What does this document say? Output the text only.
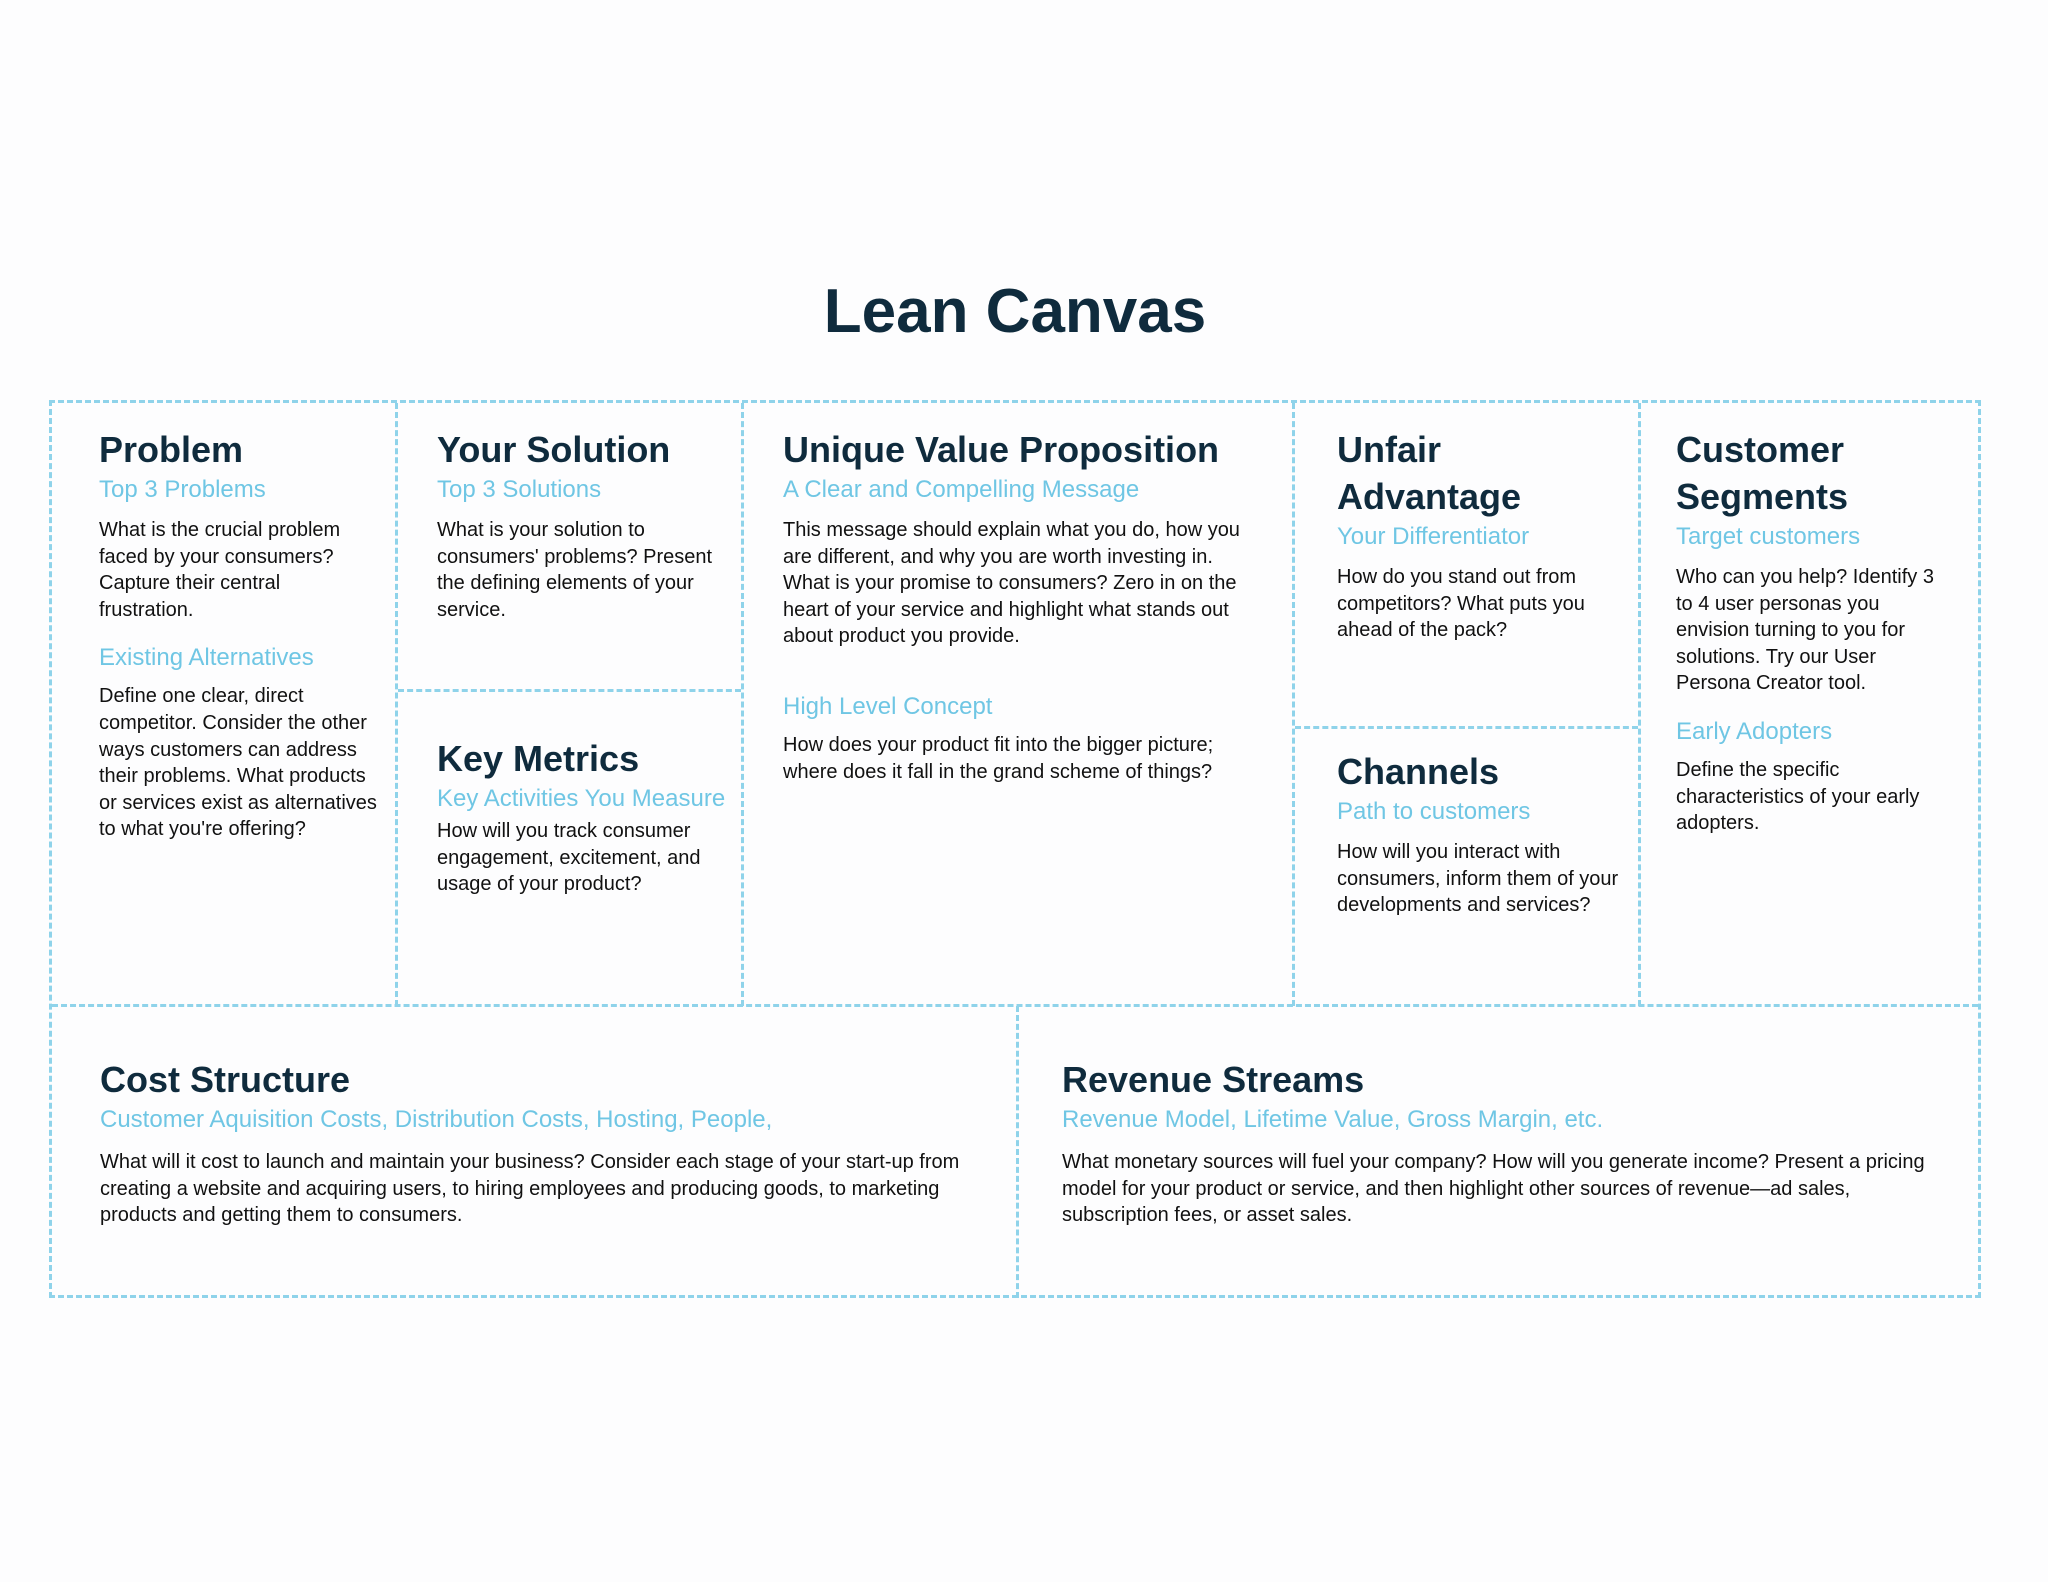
Lean Canvas
Problem

Top 3 Problems

What is the crucial problem faced by your consumers? Capture their central frustration.

Existing Alternatives

Define one clear, direct competitor. Consider the other ways customers can address their problems. What products or services exist as alternatives to what you're offering?

Your Solution

Top 3 Solutions

What is your solution to consumers' problems? Present the defining elements of your service.

Key Metrics

Key Activities You Measure

How will you track consumer engagement, excitement, and usage of your product?

Unique Value Proposition

A Clear and Compelling Message

This message should explain what you do, how you are different, and why you are worth investing in. What is your promise to consumers? Zero in on the heart of your service and highlight what stands out about product you provide.

High Level Concept

How does your product fit into the bigger picture; where does it fall in the grand scheme of things?

Unfair Advantage

Your Differentiator

How do you stand out from competitors? What puts you ahead of the pack?

Channels

Path to customers

How will you interact with consumers, inform them of your developments and services?

Customer Segments

Target customers

Who can you help? Identify 3 to 4 user personas you envision turning to you for solutions. Try our User Persona Creator tool.

Early Adopters

Define the specific characteristics of your early adopters.

Cost Structure

Customer Aquisition Costs, Distribution Costs, Hosting, People,

What will it cost to launch and maintain your business? Consider each stage of your start-up from creating a website and acquiring users, to hiring employees and producing goods, to marketing products and getting them to consumers.

Revenue Streams

Revenue Model, Lifetime Value, Gross Margin, etc.

What monetary sources will fuel your company? How will you generate income? Present a pricing model for your product or service, and then highlight other sources of revenue—ad sales, subscription fees, or asset sales.
